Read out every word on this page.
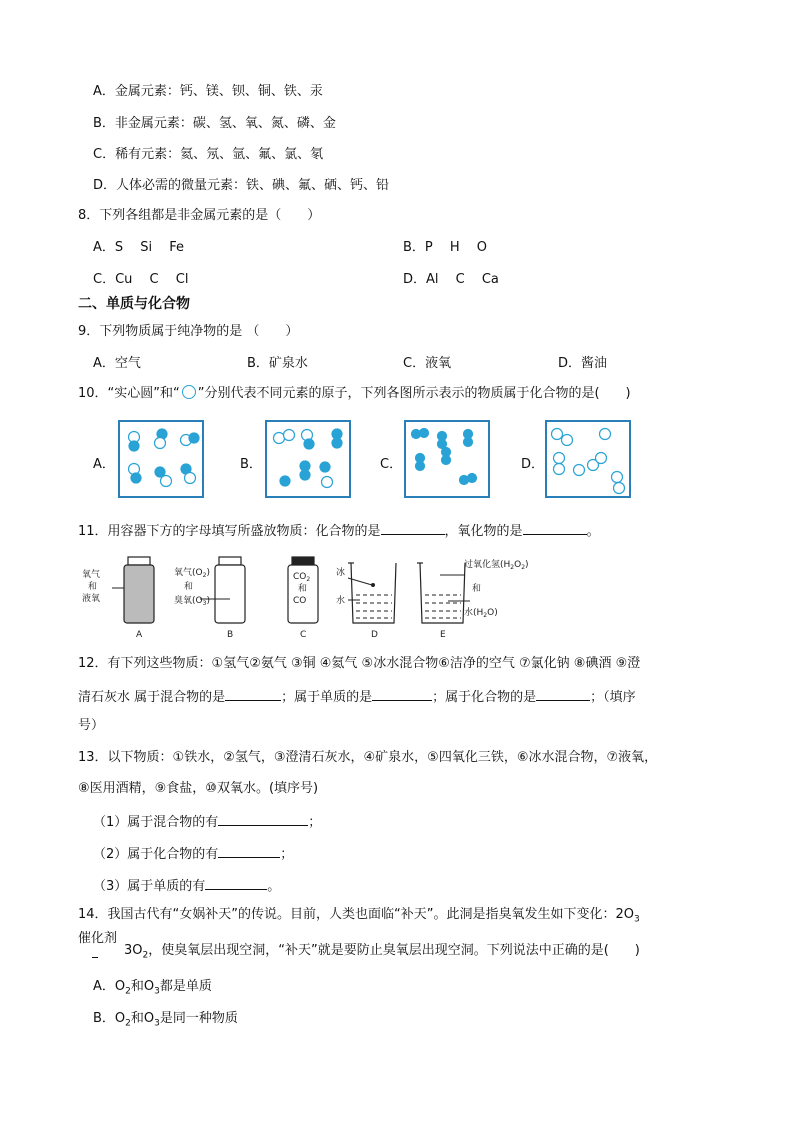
A．金属元素：钙、镁、钡、铜、铁、汞
B．非金属元素：碳、氢、氧、氮、磷、金
C．稀有元素：氦、氖、氩、氟、氯、氡
D．人体必需的微量元素：铁、碘、氟、硒、钙、铅
8．下列各组都是非金属元素的是（　　）
A．S　 Si　 Fe	B．P　 H　 O
C．Cu　 C　 Cl	D．Al　 C　 Ca
二、单质与化合物
9．下列物质属于纯净物的是 （　　）
A．空气	B．矿泉水	C．液氧	D．酱油
10．“实心圆”和“ ”分别代表不同元素的原子，下列各图所示表示的物质属于化合物的是(　　)
A．	B．	C．	D．
11．用容器下方的字母填写所盛放物质：化合物的是	，氧化物的是	。
氧气
和
液氧
氧气$(O_2)$
和
臭氧$(O_3)$
$CO_2$
和
CO
冰
水
过氧化氢$(H_2O_2)$
和
水$(H_2O)$
A	B	C	D	E
12．有下列这些物质：①氢气②氨气 ③铜 ④氦气 ⑤冰水混合物⑥洁净的空气 ⑦氯化钠 ⑧碘酒 ⑨澄
清石灰水 属于混合物的是	；属于单质的是	；属于化合物的是	；（填序
号）
13．以下物质：①铁水，②氢气，③澄清石灰水，④矿泉水，⑤四氧化三铁，⑥冰水混合物，⑦液氧，
⑧医用酒精，⑨食盐，⑩双氧水。(填序号)
（1）属于混合物的有	；
（2）属于化合物的有	；
（3）属于单质的有	。
14．我国古代有“女娲补天”的传说。目前，人类也面临“补天”。此洞是指臭氧发生如下变化：$2O_3$
催化剂
$3O_2$，使臭氧层出现空洞，“补天”就是要防止臭氧层出现空洞。下列说法中正确的是(　　)
A．$O_2$和$O_3$都是单质
B．$O_2$和$O_3$是同一种物质
